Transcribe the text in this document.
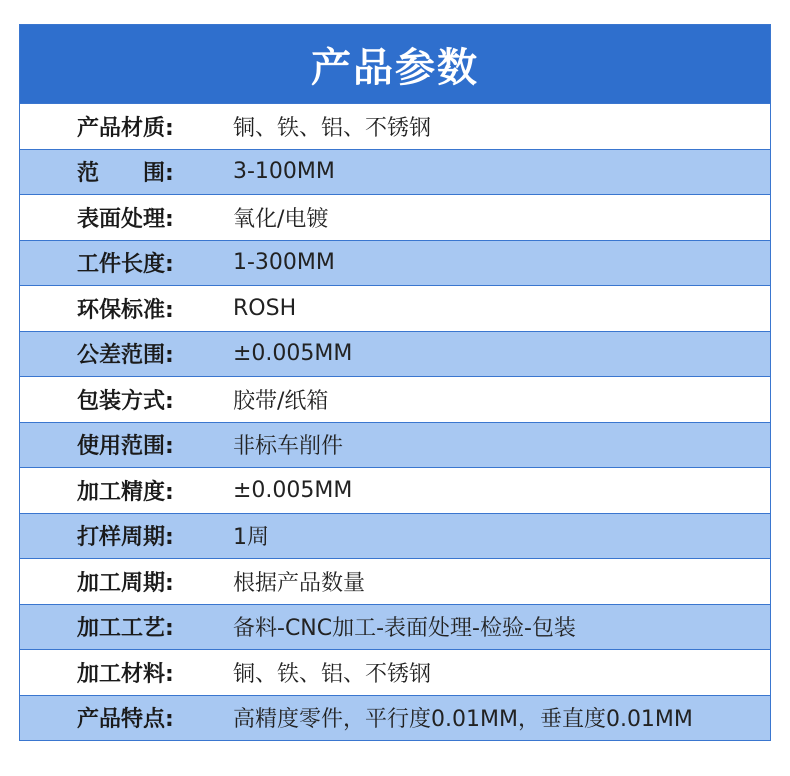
产品参数
产品材质:	铜、铁、铝、不锈钢
范　　围:	3-100MM
表面处理:	氧化/电镀
工件长度:	1-300MM
环保标准:	ROSH
公差范围:	±0.005MM
包装方式:	胶带/纸箱
使用范围:	非标车削件
加工精度:	±0.005MM
打样周期:	1周
加工周期:	根据产品数量
加工工艺:	备料-CNC加工-表面处理-检验-包装
加工材料:	铜、铁、铝、不锈钢
产品特点:	高精度零件，平行度0.01MM，垂直度0.01MM
